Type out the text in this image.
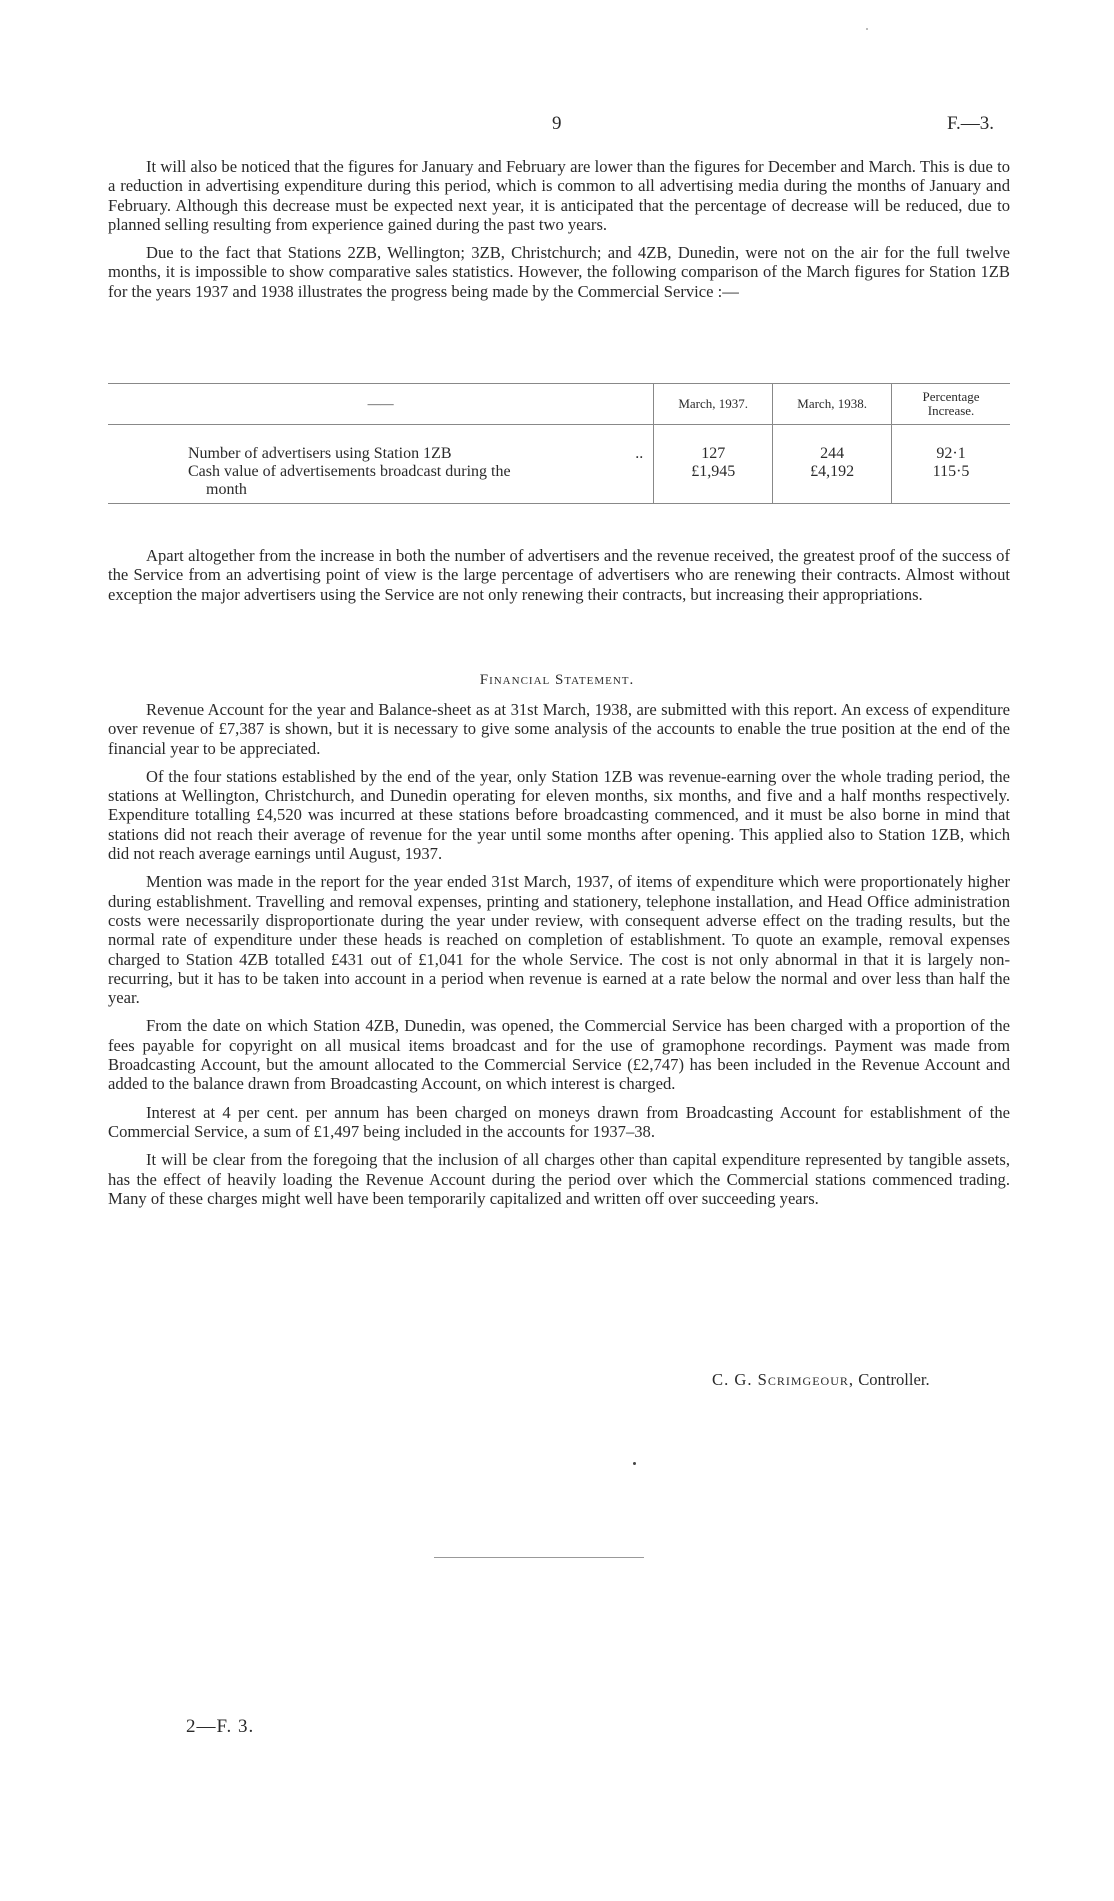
9	F.—3.

It will also be noticed that the figures for January and February are lower than the figures for December and March. This is due to a reduction in advertising expenditure during this period, which is common to all advertising media during the months of January and February. Although this decrease must be expected next year, it is anticipated that the percentage of decrease will be reduced, due to planned selling resulting from experience gained during the past two years.

Due to the fact that Stations 2ZB, Wellington; 3ZB, Christchurch; and 4ZB, Dunedin, were not on the air for the full twelve months, it is impossible to show comparative sales statistics. However, the following comparison of the March figures for Station 1ZB for the years 1937 and 1938 illustrates the progress being made by the Commercial Service :—

——	March, 1937.	March, 1938.	Percentage
Increase.

Number of advertisers using Station 1ZB ..	127	244	92·1
Cash value of advertisements broadcast during the	£1,945	£4,192	115·5
month			

Apart altogether from the increase in both the number of advertisers and the revenue received, the greatest proof of the success of the Service from an advertising point of view is the large percentage of advertisers who are renewing their contracts. Almost without exception the major advertisers using the Service are not only renewing their contracts, but increasing their appropriations.

Financial Statement.

Revenue Account for the year and Balance-sheet as at 31st March, 1938, are submitted with this report. An excess of expenditure over revenue of £7,387 is shown, but it is necessary to give some analysis of the accounts to enable the true position at the end of the financial year to be appreciated.

Of the four stations established by the end of the year, only Station 1ZB was revenue-earning over the whole trading period, the stations at Wellington, Christchurch, and Dunedin operating for eleven months, six months, and five and a half months respectively. Expenditure totalling £4,520 was incurred at these stations before broadcasting commenced, and it must be also borne in mind that stations did not reach their average of revenue for the year until some months after opening. This applied also to Station 1ZB, which did not reach average earnings until August, 1937.

Mention was made in the report for the year ended 31st March, 1937, of items of expenditure which were proportionately higher during establishment. Travelling and removal expenses, printing and stationery, telephone installation, and Head Office administration costs were necessarily disproportionate during the year under review, with consequent adverse effect on the trading results, but the normal rate of expenditure under these heads is reached on completion of establishment. To quote an example, removal expenses charged to Station 4ZB totalled £431 out of £1,041 for the whole Service. The cost is not only abnormal in that it is largely non-recurring, but it has to be taken into account in a period when revenue is earned at a rate below the normal and over less than half the year.

From the date on which Station 4ZB, Dunedin, was opened, the Commercial Service has been charged with a proportion of the fees payable for copyright on all musical items broadcast and for the use of gramophone recordings. Payment was made from Broadcasting Account, but the amount allocated to the Commercial Service (£2,747) has been included in the Revenue Account and added to the balance drawn from Broadcasting Account, on which interest is charged.

Interest at 4 per cent. per annum has been charged on moneys drawn from Broadcasting Account for establishment of the Commercial Service, a sum of £1,497 being included in the accounts for 1937–38.

It will be clear from the foregoing that the inclusion of all charges other than capital expenditure represented by tangible assets, has the effect of heavily loading the Revenue Account during the period over which the Commercial stations commenced trading. Many of these charges might well have been temporarily capitalized and written off over succeeding years.

C. G. Scrimgeour, Controller.
2—F. 3.
